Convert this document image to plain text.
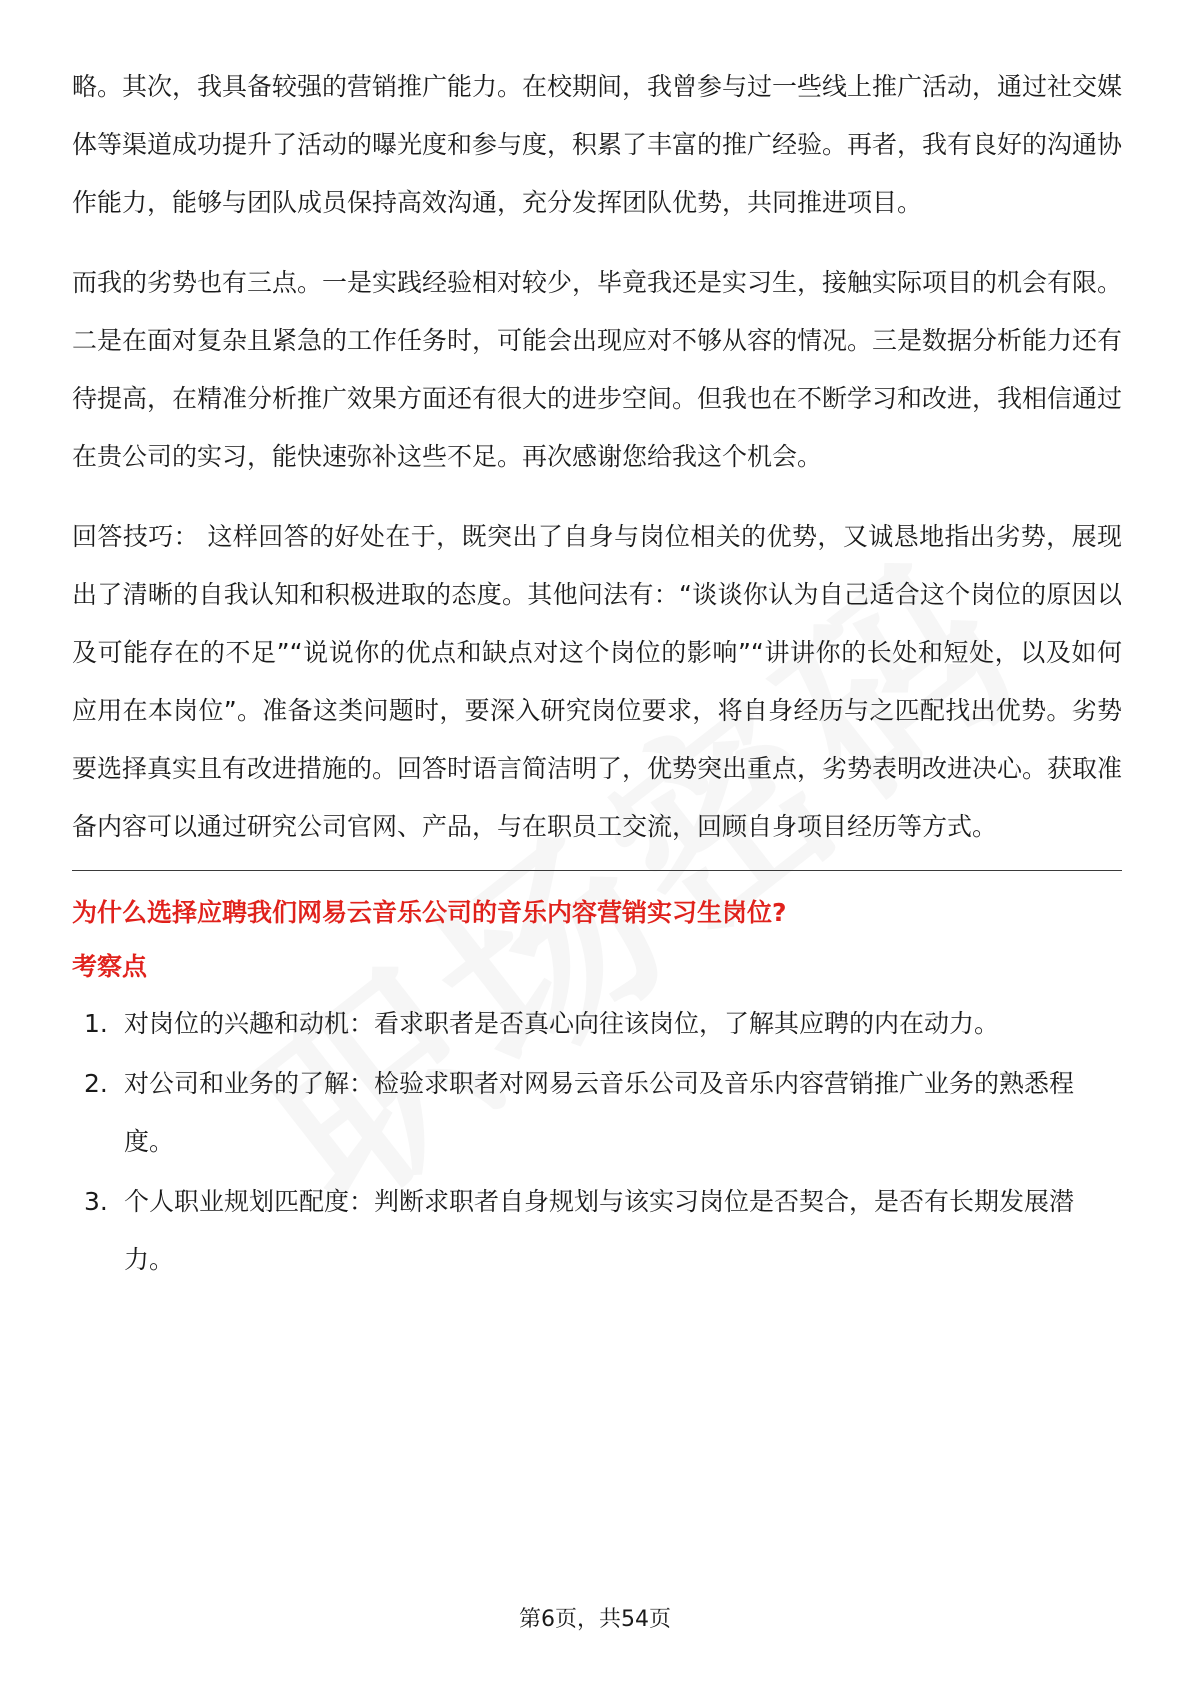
略。其次，我具备较强的营销推广能力。在校期间，我曾参与过一些线上推广活动，通过社交媒体等渠道成功提升了活动的曝光度和参与度，积累了丰富的推广经验。再者，我有良好的沟通协作能力，能够与团队成员保持高效沟通，充分发挥团队优势，共同推进项目。

而我的劣势也有三点。一是实践经验相对较少，毕竟我还是实习生，接触实际项目的机会有限。二是在面对复杂且紧急的工作任务时，可能会出现应对不够从容的情况。三是数据分析能力还有待提高，在精准分析推广效果方面还有很大的进步空间。但我也在不断学习和改进，我相信通过在贵公司的实习，能快速弥补这些不足。再次感谢您给我这个机会。

回答技巧： 这样回答的好处在于，既突出了自身与岗位相关的优势，又诚恳地指出劣势，展现出了清晰的自我认知和积极进取的态度。其他问法有：“谈谈你认为自己适合这个岗位的原因以及可能存在的不足”“说说你的优点和缺点对这个岗位的影响”“讲讲你的长处和短处，以及如何应用在本岗位”。准备这类问题时，要深入研究岗位要求，将自身经历与之匹配找出优势。劣势要选择真实且有改进措施的。回答时语言简洁明了，优势突出重点，劣势表明改进决心。获取准备内容可以通过研究公司官网、产品，与在职员工交流，回顾自身项目经历等方式。

为什么选择应聘我们网易云音乐公司的音乐内容营销实习生岗位?
考察点
1. 对岗位的兴趣和动机：看求职者是否真心向往该岗位，了解其应聘的内在动力。
2. 对公司和业务的了解：检验求职者对网易云音乐公司及音乐内容营销推广业务的熟悉程度。
3. 个人职业规划匹配度：判断求职者自身规划与该实习岗位是否契合，是否有长期发展潜力。
第6页，共54页
